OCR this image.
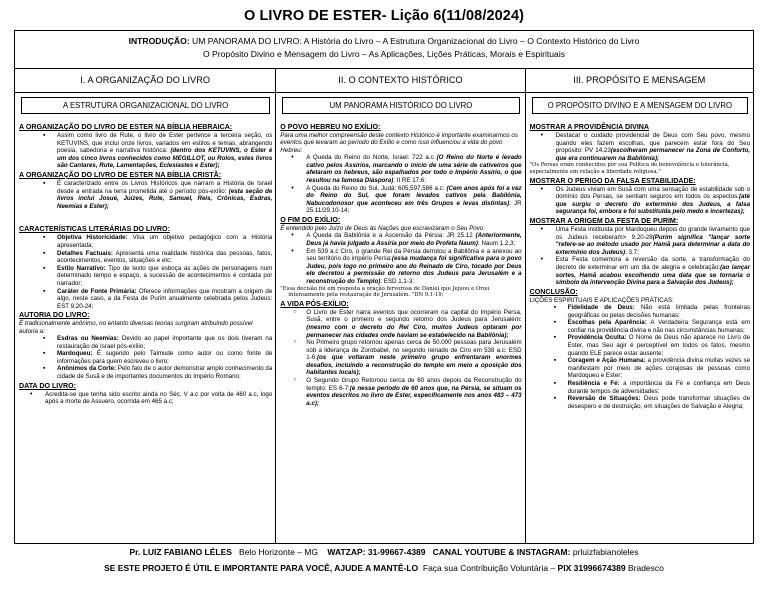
O LIVRO DE ESTER- Lição 6(11/08/2024)
INTRODUÇÃO: UM PANORAMA DO LIVRO: A História do Livro – A Estrutura Organizacional do Livro – O Contexto Histórico do Livro
O Propósito Divino e Mensagem do Livro – As Aplicações, Lições Práticas, Morais e Espirituais
I. A ORGANIZAÇÃO DO LIVRO	II. O CONTEXTO HISTÓRICO	III. PROPÓSITO E MENSAGEM
A ESTRUTURA ORGANIZACIONAL DO LIVRO
A ORGANIZAÇÃO DO LIVRO DE ESTER NA BÍBLIA HEBRAICA:
▪ Assim como livro de Rute, o livro de Ester pertence a terceira seção, os KETUVINS, que inclui onze livros, variados em estilos e temas, abrangendo poesia, sabedoria e narrativa histórica: (dentro dos KETUVINS, o Ester é um dos cinco livros conhecidos como MEGILLOT, ou Rolos, estes livros são Cantares, Rute, Lamentações, Eclesiastes e Ester);
A ORGANIZAÇÃO DO LIVRO DE ESTER NA BÍBLIA CRISTÃ:
▪ É caracterizado entre os Livros Históricos que narram a História de Israel desde a entrada na terra prometida até o período pós-exílio: (esta seção de livros inclui Josué, Juízes, Rute, Samuel, Reis, Crônicas, Esdras, Neemias e Ester);
CARACTERÍSTICAS LITERÁRIAS DO LIVRO:
▪ Objetiva Historicidade: Visa um objetivo pedagógico com a História apresentada;
▪ Detalhes Factuais: Apresenta uma realidade histórica das pessoas, fatos, acontecimentos, eventos, situações e etc;
▪ Estilo Narrativo: Tipo de texto que esboça as ações de personagens num determinado tempo e espaço, a sucessão de acontecimentos é contada por narrador;
▪ Caráter de Fonte Primária: Oferece informações que mostram a origem de algo, neste caso, a da Festa de Purim anualmente celebrada pelos Judeus: EST 9.20-24;
AUTORIA DO LIVRO:
É tradicionalmente anônimo, no entanto diversas teorias surgiram atribuindo possível autoria a:
▪ Esdras ou Neemias: Devido ao papel importante que os dois tiveram na restauração de Israel pós-exílio;
▪ Mardoqueu: É sugerido pelo Talmude como autor ou como fonte de informações para quem escreveu o livro;
▪ Anônimos da Corte: Pelo fato de o autor demonstrar amplo conhecimento da cidade de Susã e de importantes documentos do Império Romano;
DATA DO LIVRO:
• Acredita-se que tenha sido escrito ainda no Séc. V a.c por volta de 460 a.c, logo após a morte de Assuero, ocorrida em 465 a.c;
UM PANORAMA HISTÓRICO DO LIVRO
O POVO HEBREU NO EXÍLIO:
Para uma melhor compreensão deste contexto Histórico é importante examinarmos os eventos que levaram ao período do Exílio e como isso influenciou a vida do povo Hebreu:
• A Queda do Reino do Norte, Israel: 722 a.c (O Reino do Norte é levado cativo pelos Assírios, marcando o início de uma série de cativeiros que afetaram os hebreus, são espalhados por todo o Império Assírio, o que resultou na famosa Diáspora): II RE 17.6;
• A Queda do Reino do Sul, Judá: 605,597,586 a.c: (Cem anos após foi a vez do Reino do Sul, que foram levados cativos pela Babilônia, Nabucodonosor que aconteceu em três Grupos e levas distintas): JR 25.11/29.10-14;
O FIM DO EXÍLIO:
É entendido pelo Juízo de Deus às Nações que escravizaram o Seu Povo:
• A Queda da Babilônia e a Ascensão da Pérsia: JR 25.12 (Anteriormente, Deus já havia julgado a Assíria por meio do Profeta Naum): Naum 1.2,3;
• Em 539 a.c Ciro, o grande Rei da Pérsia derrotou a Babilônia e a anexou ao seu território do império Persa:(essa mudança foi significativa para o povo Judeu, pois logo no primeiro ano do Reinado de Ciro, tocado por Deus ele decretou a permissão do retorno dos Judeus para Jerusalém e a reconstrução do Templo): ESD 1.1-3;
"Essa decisão foi em resposta a oração fervorosa de Daniel que Jejuou e Orou
intensamente pela restauração de Jerusalém. "DN 9.1-19;
A VIDA PÓS-EXÍLIO:
○ O Livro de Ester narra eventos que ocorreram na capital do Império Persa, Susã, entre o primeiro e segundo retorno dos Judeus para Jerusalém:(mesmo com o decreto do Rei Ciro, muitos Judeus optaram por permanecer nas cidades onde haviam se estabelecido na Babilônia);
○ No Primeiro grupo retornou apenas cerca de 50.000 pessoas para Jerusalém sob a liderança de Zorobabel, no segundo reinado de Ciro em 538 a.c: ESD 1-6:(os que voltaram neste primeiro grupo enfrentaram enormes desafios, incluindo a reconstrução do templo em meio a oposição dos habitantes locais);
○ O Segundo Grupo Retornou cerca de 60 anos depois da Reconstrução do templo: ES 6-7:(é nesse período de 60 anos que, na Pérsia, se situam os eventos descritos no livro de Ester, especificamente nos anos 483 – 473 a.c);
O PROPÓSITO DIVINO E A MENSAGEM DO LIVRO
MOSTRAR A PROVIDÊNCIA DIVINA
• Destacar o cuidado providencial de Deus com Seu povo, mesmo quando eles fazem escolhas, que parecem estar fora do Seu propósito: PV 14.23(escolheram permanecer na Zona de Conforto, que era continuarem na Babilônia);
"Os Persas eram conhecidos por sua Política de benevolência e tolerância, especialmente em relação a liberdade religiosa."
MOSTRAR O PERIGO DA FALSA ESTABILIDADE:
• Os Judeus viviam em Susã com uma sensação de estabilidade sob o domínio dos Persas, se sentiam seguros em todos os aspectos:(até que surgiu o decreto do extermínio dos Judeus, a falsa segurança foi, embora e foi substituída pelo medo e incertezas);
MOSTRAR A ORIGEM DA FESTA DE PURIM:
• Uma Festa instituída por Mardoqueu depois do grande livramento que os Judeus receberam> 9.20-28(Purim significa "lançar sorte "refere-se ao método usado por Hamã para determinar a data do extermínio dos Judeus): 3.7;
• Esta Festa comemora a reversão da sorte, a transformação do decreto de exterminar em um dia de alegria e celebração:(ao lançar sortes, Hamã acabou escolhendo uma data que se tornaria o símbolo da intervenção Divina para a Salvação dos Judeus);
CONCLUSÃO:
LIÇÕES ESPIRITUAIS E APLICAÇÕES PRÁTICAS:
▪ Fidelidade de Deus: Não está limitada pelas fronteiras geográficas ou pelas decisões humanas;
▪ Escolhas pela Aparência: A Verdadeira Segurança está em confiar na providência divina e não nas circunstâncias humanas;
▪ Providência Oculta: O Nome de Deus não aparece no Livro de Ester, mas Seu agir é perceptível em todos os fatos, mesmo quando ELE parece estar ausente;
▪ Coragem e Ação Humana: a providência divina muitas vezes se manifestam por meio de ações corajosas de pessoas como Mardoqueu e Ester;
▪ Resiliência e Fé: a importância da Fé e confiança em Deus durante tempos de adversidades;
▪ Reversão de Situações: Deus pode transformar situações de desespero e de destruição, em situações de Salvação e Alegria;
Pr. LUIZ FABIANO LÉLES   Belo Horizonte – MG    WATZAP: 31-99667-4389   CANAL YOUTUBE & INSTAGRAM: prluizfabianoleles
SE ESTE PROJETO É ÚTIL E IMPORTANTE PARA VOCÊ, AJUDE A MANTÊ-LO  Faça sua Contribuição Voluntária – PIX 31996674389 Bradesco
